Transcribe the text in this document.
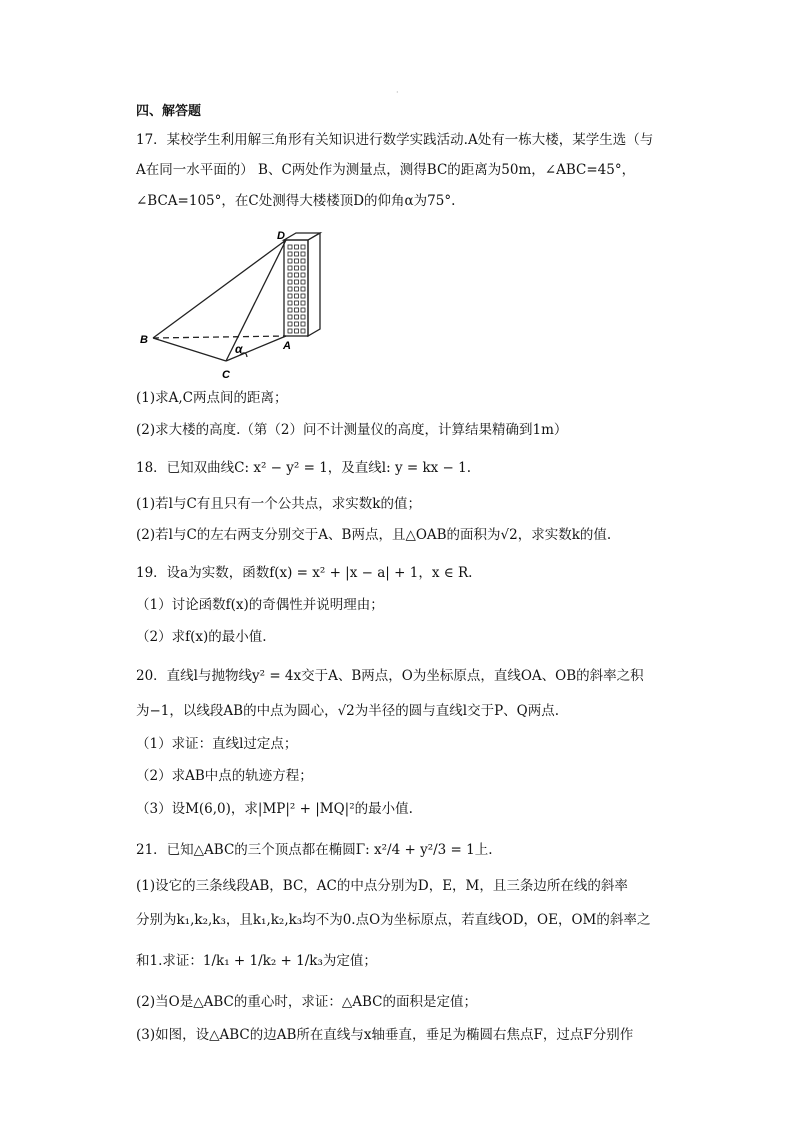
·
四、解答题
17．某校学生利用解三角形有关知识进行数学实践活动.A处有一栋大楼，某学生选（与
A在同一水平面的） B、C两处作为测量点，测得BC的距离为50m，∠ABC=45°，
∠BCA=105°，在C处测得大楼楼顶D的仰角α为75°.
D
B	A
C
α
(1)求A,C两点间的距离；
(2)求大楼的高度.（第（2）问不计测量仪的高度，计算结果精确到1m）
18．已知双曲线C: x² − y² = 1，及直线l: y = kx − 1.
(1)若l与C有且只有一个公共点，求实数k的值；
(2)若l与C的左右两支分别交于A、B两点，且△OAB的面积为√2，求实数k的值.
19．设a为实数，函数f(x) = x² + |x − a| + 1，x ∈ R.
（1）讨论函数f(x)的奇偶性并说明理由；
（2）求f(x)的最小值.
20．直线l与抛物线y² = 4x交于A、B两点，O为坐标原点，直线OA、OB的斜率之积
为−1，以线段AB的中点为圆心，√2为半径的圆与直线l交于P、Q两点.
（1）求证：直线l过定点；
（2）求AB中点的轨迹方程；
（3）设M(6,0)，求|MP|² + |MQ|²的最小值.
21．已知△ABC的三个顶点都在椭圆Γ: x²/4 + y²/3 = 1上.
(1)设它的三条线段AB，BC，AC的中点分别为D，E，M，且三条边所在线的斜率
分别为k₁,k₂,k₃，且k₁,k₂,k₃均不为0.点O为坐标原点，若直线OD，OE，OM的斜率之
和1.求证：1/k₁ + 1/k₂ + 1/k₃为定值；
(2)当O是△ABC的重心时，求证：△ABC的面积是定值；
(3)如图，设△ABC的边AB所在直线与x轴垂直，垂足为椭圆右焦点F，过点F分别作
